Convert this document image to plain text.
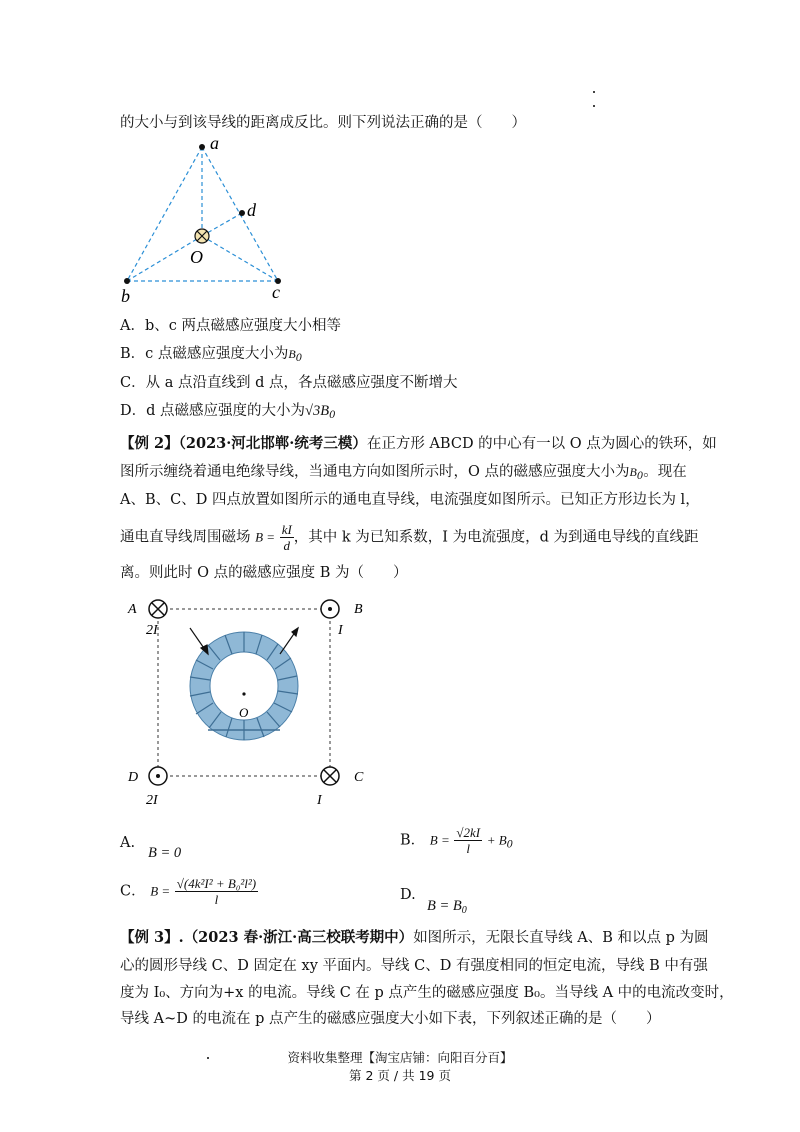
的大小与到该导线的距离成反比。则下列说法正确的是（　　）
a
d
O
b	c
A．b、c 两点磁感应强度大小相等
B．c 点磁感应强度大小为$B_0$
C．从 a 点沿直线到 d 点，各点磁感应强度不断增大
D．d 点磁感应强度的大小为$√3B_0$
【例 2】（2023·河北邯郸·统考三模）在正方形 ABCD 的中心有一以 O 点为圆心的铁环，如
图所示缠绕着通电绝缘导线，当通电方向如图所示时，O 点的磁感应强度大小为$B_0$。现在
A、B、C、D 四点放置如图所示的通电直导线，电流强度如图所示。已知正方形边长为 l，
通电直导线周围磁场 $B = \frac{kI}{d}$ ，其中 k 为已知系数，I 为电流强度，d 为到通电导线的直线距
离。则此时 O 点的磁感应强度 B 为（　　）
O
A	B
D	C
2I	I
2I	I
A.
B = 0
B． $B = \frac{√2kI}{l} + B_0$
C． $B = \frac{\text{√(4k²I² + B₀²l²)}}{l}$	D.
$B = B_0$
【例 3】.（2023 春·浙江·高三校联考期中）如图所示，无限长直导线 A、B 和以点 p 为圆
心的圆形导线 C、D 固定在 xy 平面内。导线 C、D 有强度相同的恒定电流，导线 B 中有强
度为 I₀、方向为+x 的电流。导线 C 在 p 点产生的磁感应强度 B₀。当导线 A 中的电流改变时，
导线 A~D 的电流在 p 点产生的磁感应强度大小如下表，下列叙述正确的是（　　）
资料收集整理【淘宝店铺：向阳百分百】
第 2 页 / 共 19 页
